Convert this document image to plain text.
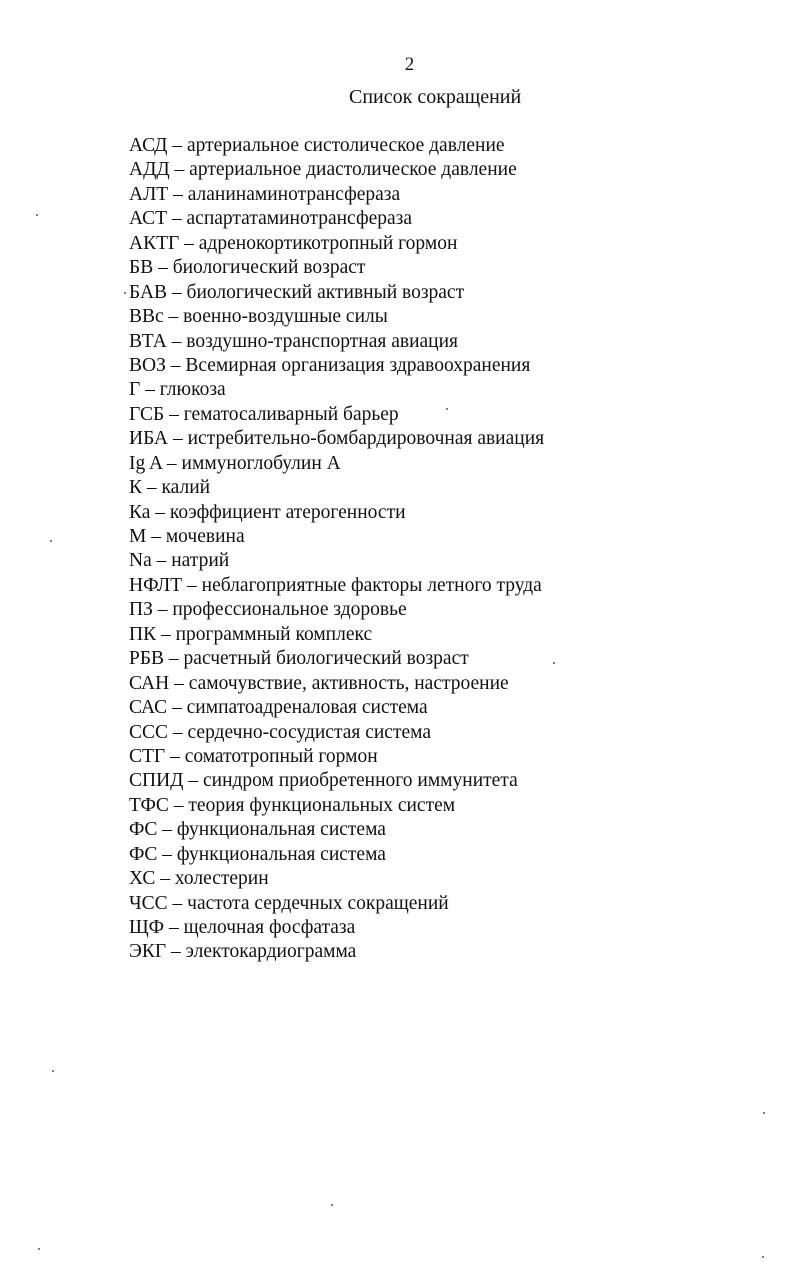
2
Список сокращений
АСД – артериальное систолическое давление
АДД – артериальное диастолическое давление
АЛТ – аланинаминотрансфераза
АСТ – аспартатаминотрансфераза
АКТГ – адренокортикотропный гормон
БВ – биологический возраст
БАВ – биологический активный возраст
ВВс – военно-воздушные силы
ВТА – воздушно-транспортная авиация
ВОЗ – Всемирная организация здравоохранения
Г – глюкоза
ГСБ – гематосаливарный барьер
ИБА – истребительно-бомбардировочная авиация
Ig A – иммуноглобулин А
К – калий
Ка – коэффициент атерогенности
М – мочевина
Na – натрий
НФЛТ – неблагоприятные факторы летного труда
ПЗ – профессиональное здоровье
ПК – программный комплекс
РБВ – расчетный биологический возраст
САН – самочувствие, активность, настроение
САС – симпатоадреналовая система
ССС – сердечно-сосудистая система
СТГ – соматотропный гормон
СПИД – синдром приобретенного иммунитета
ТФС – теория функциональных систем
ФС – функциональная система
ФС – функциональная система
ХС – холестерин
ЧСС – частота сердечных сокращений
ЩФ – щелочная фосфатаза
ЭКГ – электокардиограмма
